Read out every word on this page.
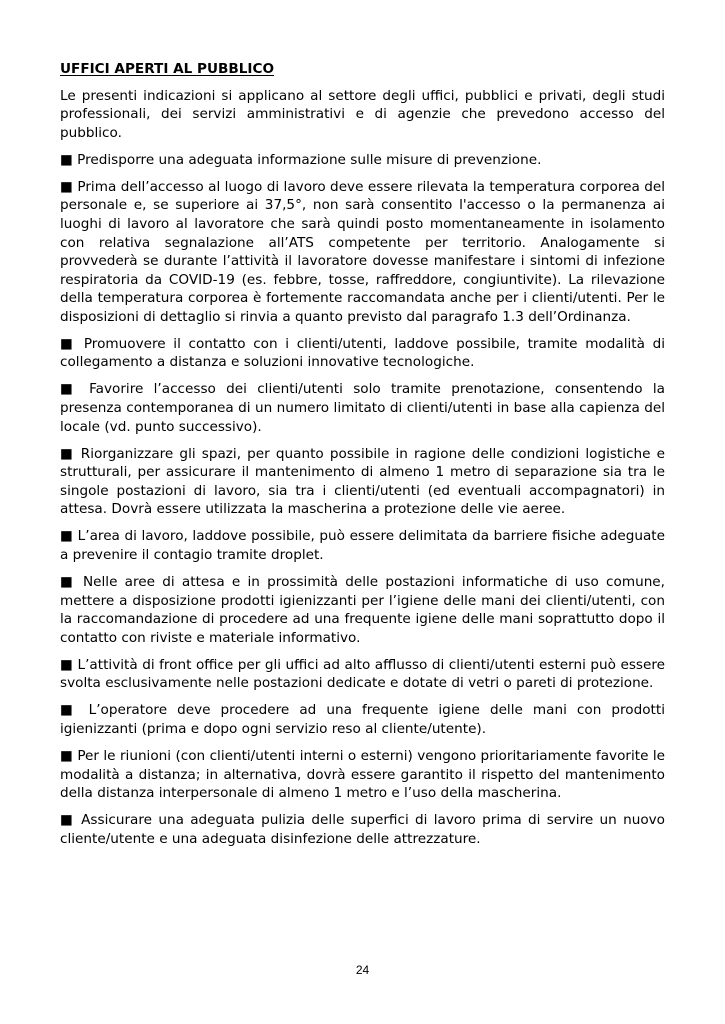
UFFICI APERTI AL PUBBLICO

Le presenti indicazioni si applicano al settore degli uffici, pubblici e privati, degli studi professionali, dei servizi amministrativi e di agenzie che prevedono accesso del pubblico.

■ Predisporre una adeguata informazione sulle misure di prevenzione.

■ Prima dell’accesso al luogo di lavoro deve essere rilevata la temperatura corporea del personale e, se superiore ai 37,5°, non sarà consentito l'accesso o la permanenza ai luoghi di lavoro al lavoratore che sarà quindi posto momentaneamente in isolamento con relativa segnalazione all’ATS competente per territorio. Analogamente si provvederà se durante l’attività il lavoratore dovesse manifestare i sintomi di infezione respiratoria da COVID-19 (es. febbre, tosse, raffreddore, congiuntivite). La rilevazione della temperatura corporea è fortemente raccomandata anche per i clienti/utenti. Per le disposizioni di dettaglio si rinvia a quanto previsto dal paragrafo 1.3 dell’Ordinanza.

■ Promuovere il contatto con i clienti/utenti, laddove possibile, tramite modalità di collegamento a distanza e soluzioni innovative tecnologiche.

■ Favorire l’accesso dei clienti/utenti solo tramite prenotazione, consentendo la presenza contemporanea di un numero limitato di clienti/utenti in base alla capienza del locale (vd. punto successivo).

■ Riorganizzare gli spazi, per quanto possibile in ragione delle condizioni logistiche e strutturali, per assicurare il mantenimento di almeno 1 metro di separazione sia tra le singole postazioni di lavoro, sia tra i clienti/utenti (ed eventuali accompagnatori) in attesa. Dovrà essere utilizzata la mascherina a protezione delle vie aeree.

■ L’area di lavoro, laddove possibile, può essere delimitata da barriere fisiche adeguate a prevenire il contagio tramite droplet.

■ Nelle aree di attesa e in prossimità delle postazioni informatiche di uso comune, mettere a disposizione prodotti igienizzanti per l’igiene delle mani dei clienti/utenti, con la raccomandazione di procedere ad una frequente igiene delle mani soprattutto dopo il contatto con riviste e materiale informativo.

■ L’attività di front office per gli uffici ad alto afflusso di clienti/utenti esterni può essere svolta esclusivamente nelle postazioni dedicate e dotate di vetri o pareti di protezione.

■ L’operatore deve procedere ad una frequente igiene delle mani con prodotti igienizzanti (prima e dopo ogni servizio reso al cliente/utente).

■ Per le riunioni (con clienti/utenti interni o esterni) vengono prioritariamente favorite le modalità a distanza; in alternativa, dovrà essere garantito il rispetto del mantenimento della distanza interpersonale di almeno 1 metro e l’uso della mascherina.

■ Assicurare una adeguata pulizia delle superfici di lavoro prima di servire un nuovo cliente/utente e una adeguata disinfezione delle attrezzature.

24
